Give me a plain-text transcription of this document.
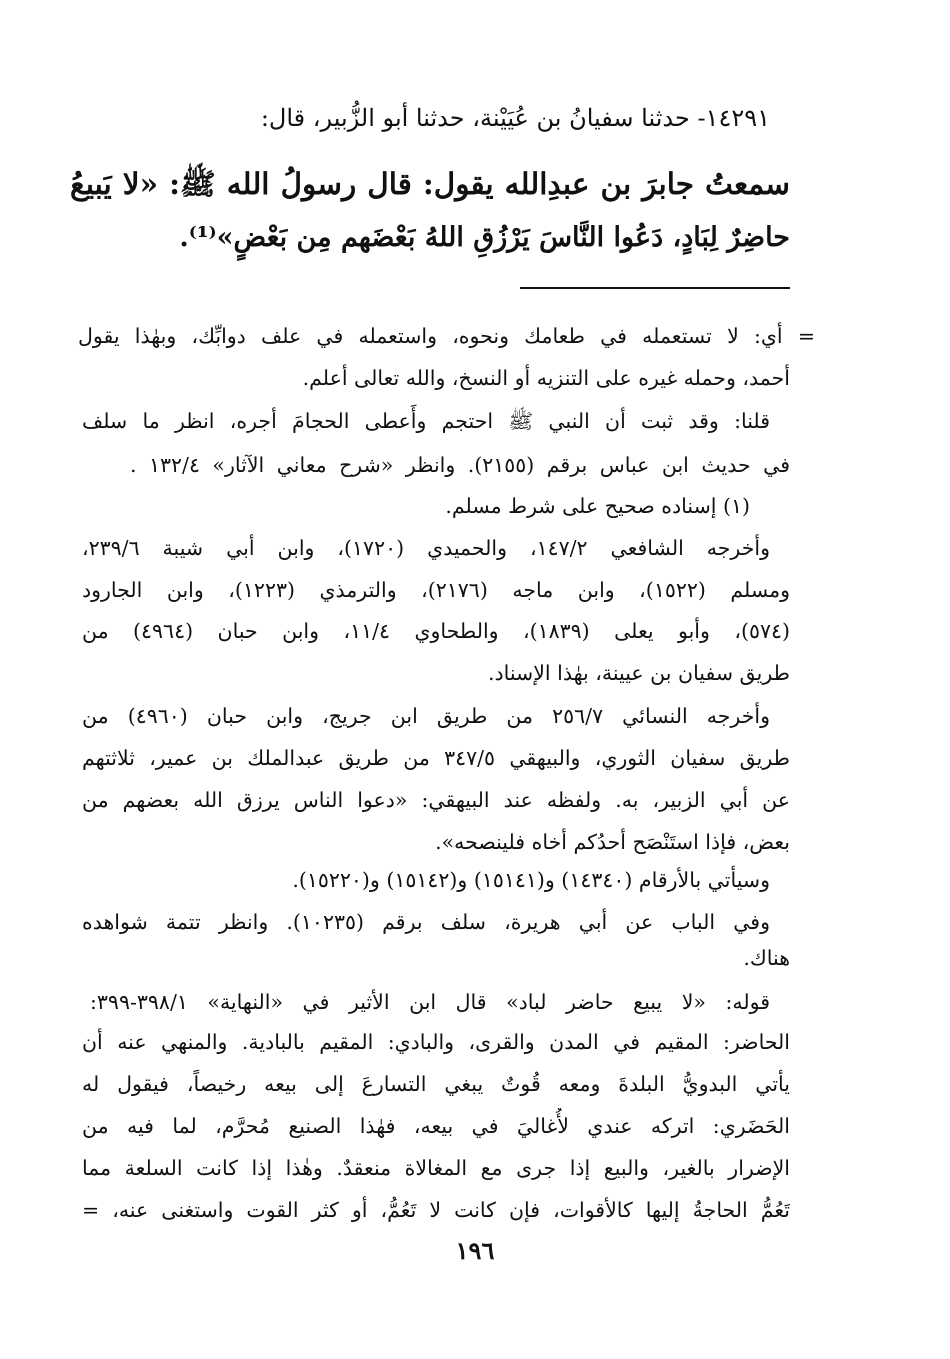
١٤٢٩١- حدثنا سفيانُ بن عُيَيْنة، حدثنا أبو الزُّبير، قال:
سمعتُ جابرَ بن عبدِالله يقول: قال رسولُ الله ﷺ: «لا يَبيعُ
حاضِرٌ لِبَادٍ، دَعُوا النَّاسَ يَرْزُقِ اللهُ بَعْضَهم مِن بَعْضٍ»⁽¹⁾.
= أي: لا تستعمله في طعامك ونحوه، واستعمله في علف دوابِّك، وبهٰذا يقول
أحمد، وحمله غيره على التنزيه أو النسخ، والله تعالى أعلم.
قلنا: وقد ثبت أن النبي ﷺ احتجم وأَعطى الحجامَ أجره، انظر ما سلف
في حديث ابن عباس برقم (٢١٥٥). وانظر «شرح معاني الآثار» ١٣٢/٤ .
(١) إسناده صحيح على شرط مسلم.
وأخرجه الشافعي ١٤٧/٢، والحميدي (١٧٢٠)، وابن أبي شيبة ٢٣٩/٦،
ومسلم (١٥٢٢)، وابن ماجه (٢١٧٦)، والترمذي (١٢٢٣)، وابن الجارود
(٥٧٤)، وأبو يعلى (١٨٣٩)، والطحاوي ١١/٤، وابن حبان (٤٩٦٤) من
طريق سفيان بن عيينة، بهٰذا الإسناد.
وأخرجه النسائي ٢٥٦/٧ من طريق ابن جريج، وابن حبان (٤٩٦٠) من
طريق سفيان الثوري، والبيهقي ٣٤٧/٥ من طريق عبدالملك بن عمير، ثلاثتهم
عن أبي الزبير، به. ولفظه عند البيهقي: «دعوا الناس يرزق الله بعضهم من
بعض، فإذا استَنْصَح أحدُكم أخاه فلينصحه».
وسيأتي بالأرقام (١٤٣٤٠) و(١٥١٤١) و(١٥١٤٢) و(١٥٢٢٠).
وفي الباب عن أبي هريرة، سلف برقم (١٠٢٣٥). وانظر تتمة شواهده
هناك.
قوله: «لا يبيع حاضر لباد» قال ابن الأثير في «النهاية» ٣٩٨/١-٣٩٩:
الحاضر: المقيم في المدن والقرى، والبادي: المقيم بالبادية. والمنهي عنه أن
يأتي البدويُّ البلدةَ ومعه قُوتٌ يبغي التسارعَ إلى بيعه رخيصاً، فيقول له
الحَضَري: اتركه عندي لأُغاليَ في بيعه، فهٰذا الصنيع مُحرَّم، لما فيه من
الإضرار بالغير، والبيع إذا جرى مع المغالاة منعقدٌ. وهٰذا إذا كانت السلعة مما
تَعُمُّ الحاجةُ إليها كالأقوات، فإن كانت لا تَعُمُّ، أو كثر القوت واستغنى عنه، =
١٩٦
